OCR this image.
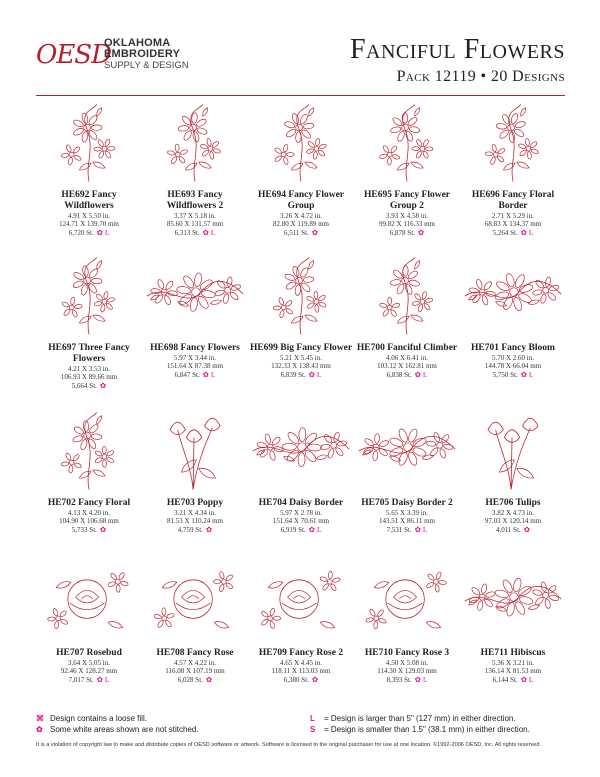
OESD
OKLAHOMA
EMBROIDERY
SUPPLY & DESIGN
Fanciful Flowers
Pack 12119 • 20 Designs
HE692 Fancy Wildflowers
4.91 X 5.50 in.
124.71 X 139.70 mm
6,720 St. ✿ L
HE693 Fancy Wildflowers 2
3.37 X 5.18 in.
85.60 X 131.57 mm
6,313 St. ✿ L
HE694 Fancy Flower Group
3.26 X 4.72 in.
82.80 X 119.89 mm
6,511 St. ✿
HE695 Fancy Flower Group 2
3.93 X 4.58 in.
99.82 X 116.33 mm
6,878 St. ✿
HE696 Fancy Floral Border
2.71 X 5.29 in.
68.83 X 134.37 mm
5,264 St. ✿ L
HE697 Three Fancy Flowers
4.21 X 3.53 in.
106.93 X 89.66 mm
5,664 St. ✿
HE698 Fancy Flowers
5.97 X 3.44 in.
151.64 X 87.38 mm
6,847 St. ✿ L
HE699 Big Fancy Flower
5.21 X 5.45 in.
132.33 X 138.43 mm
6,839 St. ✿ L
HE700 Fanciful Climber
4.06 X 6.41 in.
103.12 X 162.81 mm
6,838 St. ✿ L
HE701 Fancy Bloom
5.70 X 2.60 in.
144.78 X 66.04 mm
5,750 St. ✿ L
HE702 Fancy Floral
4.13 X 4.20 in.
104.90 X 106.68 mm
5,733 St. ✿
HE703 Poppy
3.21 X 4.34 in.
81.53 X 110.24 mm
4,759 St. ✿
HE704 Daisy Border
5.97 X 2.78 in.
151.64 X 70.61 mm
6,919 St. ✿ L
HE705 Daisy Border 2
5.65 X 3.39 in.
143.51 X 86.11 mm
7,531 St. ✿ L
HE706 Tulips
3.82 X 4.73 in.
97.03 X 120.14 mm
4,011 St. ✿
HE707 Rosebud
3.64 X 5.05 in.
92.46 X 128.27 mm
7,017 St. ✿ L
HE708 Fancy Rose
4.57 X 4.22 in.
116.08 X 107.19 mm
6,028 St. ✿
HE709 Fancy Rose 2
4.65 X 4.45 in.
118.11 X 113.03 mm
6,380 St. ✿
HE710 Fancy Rose 3
4.50 X 5.08 in.
114.30 X 129.03 mm
8,393 St. ✿ L
HE711 Hibiscus
5.36 X 3.21 in.
136.14 X 81.53 mm
6,144 St. ✿ L
⌘ Design contains a loose fill.
✿ Some white areas shown are not stitched.
L = Design is larger than 5" (127 mm) in either direction.
S = Design is smaller than 1.5" (38.1 mm) in either direction.
It is a violation of copyright law to make and distribute copies of OESD software or artwork. Software is licensed to the original purchaser for use at one location. ©1992-2006 OESD, Inc. All rights reserved.
